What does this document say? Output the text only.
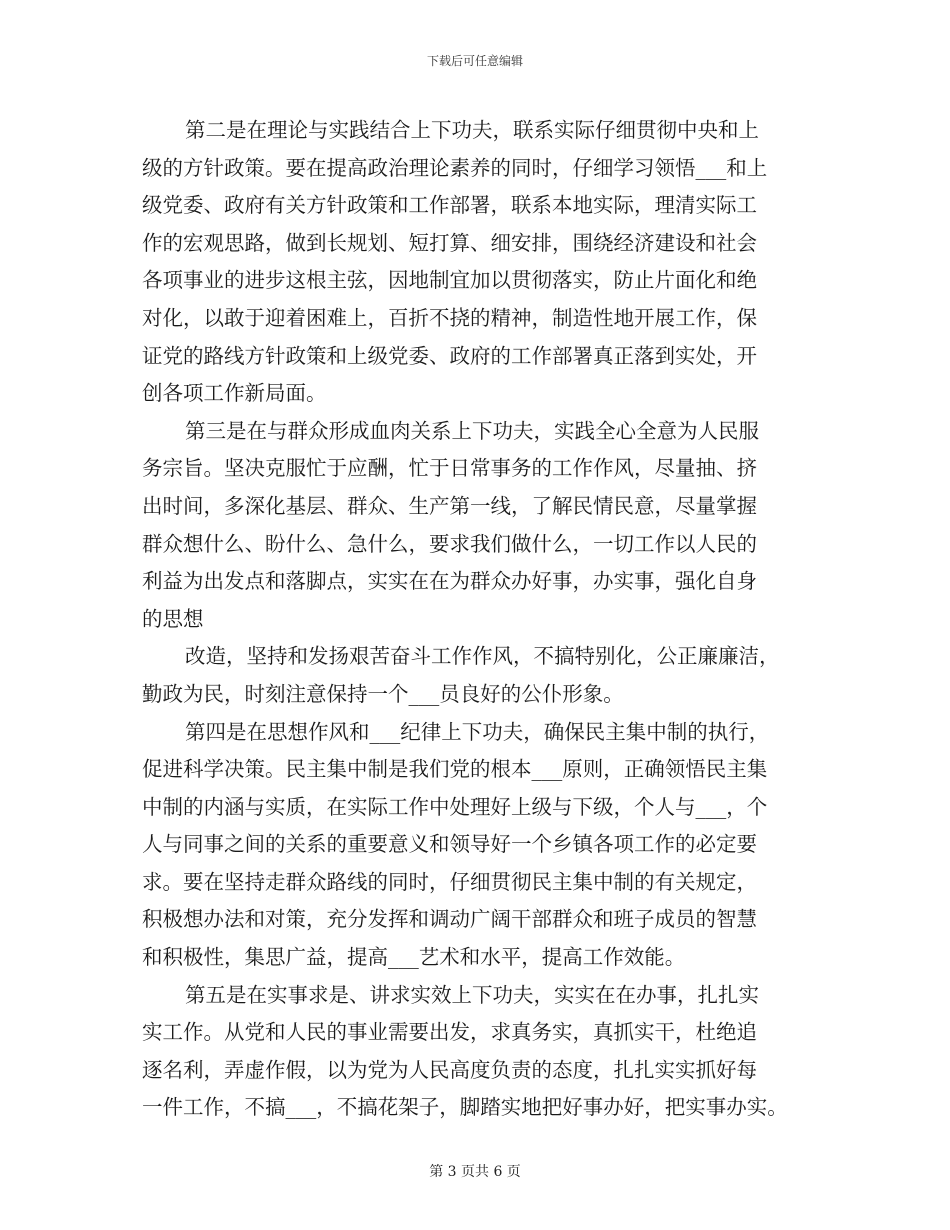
下载后可任意编辑
第二是在理论与实践结合上下功夫，联系实际仔细贯彻中央和上
级的方针政策。要在提高政治理论素养的同时，仔细学习领悟___和上
级党委、政府有关方针政策和工作部署，联系本地实际，理清实际工
作的宏观思路，做到长规划、短打算、细安排，围绕经济建设和社会
各项事业的进步这根主弦，因地制宜加以贯彻落实，防止片面化和绝
对化，以敢于迎着困难上，百折不挠的精神，制造性地开展工作，保
证党的路线方针政策和上级党委、政府的工作部署真正落到实处，开
创各项工作新局面。
第三是在与群众形成血肉关系上下功夫，实践全心全意为人民服
务宗旨。坚决克服忙于应酬，忙于日常事务的工作作风，尽量抽、挤
出时间，多深化基层、群众、生产第一线，了解民情民意，尽量掌握
群众想什么、盼什么、急什么，要求我们做什么，一切工作以人民的
利益为出发点和落脚点，实实在在为群众办好事，办实事，强化自身
的思想
改造，坚持和发扬艰苦奋斗工作作风，不搞特别化，公正廉廉洁，
勤政为民，时刻注意保持一个___员良好的公仆形象。
第四是在思想作风和___纪律上下功夫，确保民主集中制的执行，
促进科学决策。民主集中制是我们党的根本___原则，正确领悟民主集
中制的内涵与实质，在实际工作中处理好上级与下级，个人与___，个
人与同事之间的关系的重要意义和领导好一个乡镇各项工作的必定要
求。要在坚持走群众路线的同时，仔细贯彻民主集中制的有关规定，
积极想办法和对策，充分发挥和调动广阔干部群众和班子成员的智慧
和积极性，集思广益，提高___艺术和水平，提高工作效能。
第五是在实事求是、讲求实效上下功夫，实实在在办事，扎扎实
实工作。从党和人民的事业需要出发，求真务实，真抓实干，杜绝追
逐名利，弄虚作假，以为党为人民高度负责的态度，扎扎实实抓好每
一件工作，不搞___，不搞花架子，脚踏实地把好事办好，把实事办实。
第 3 页共 6 页
